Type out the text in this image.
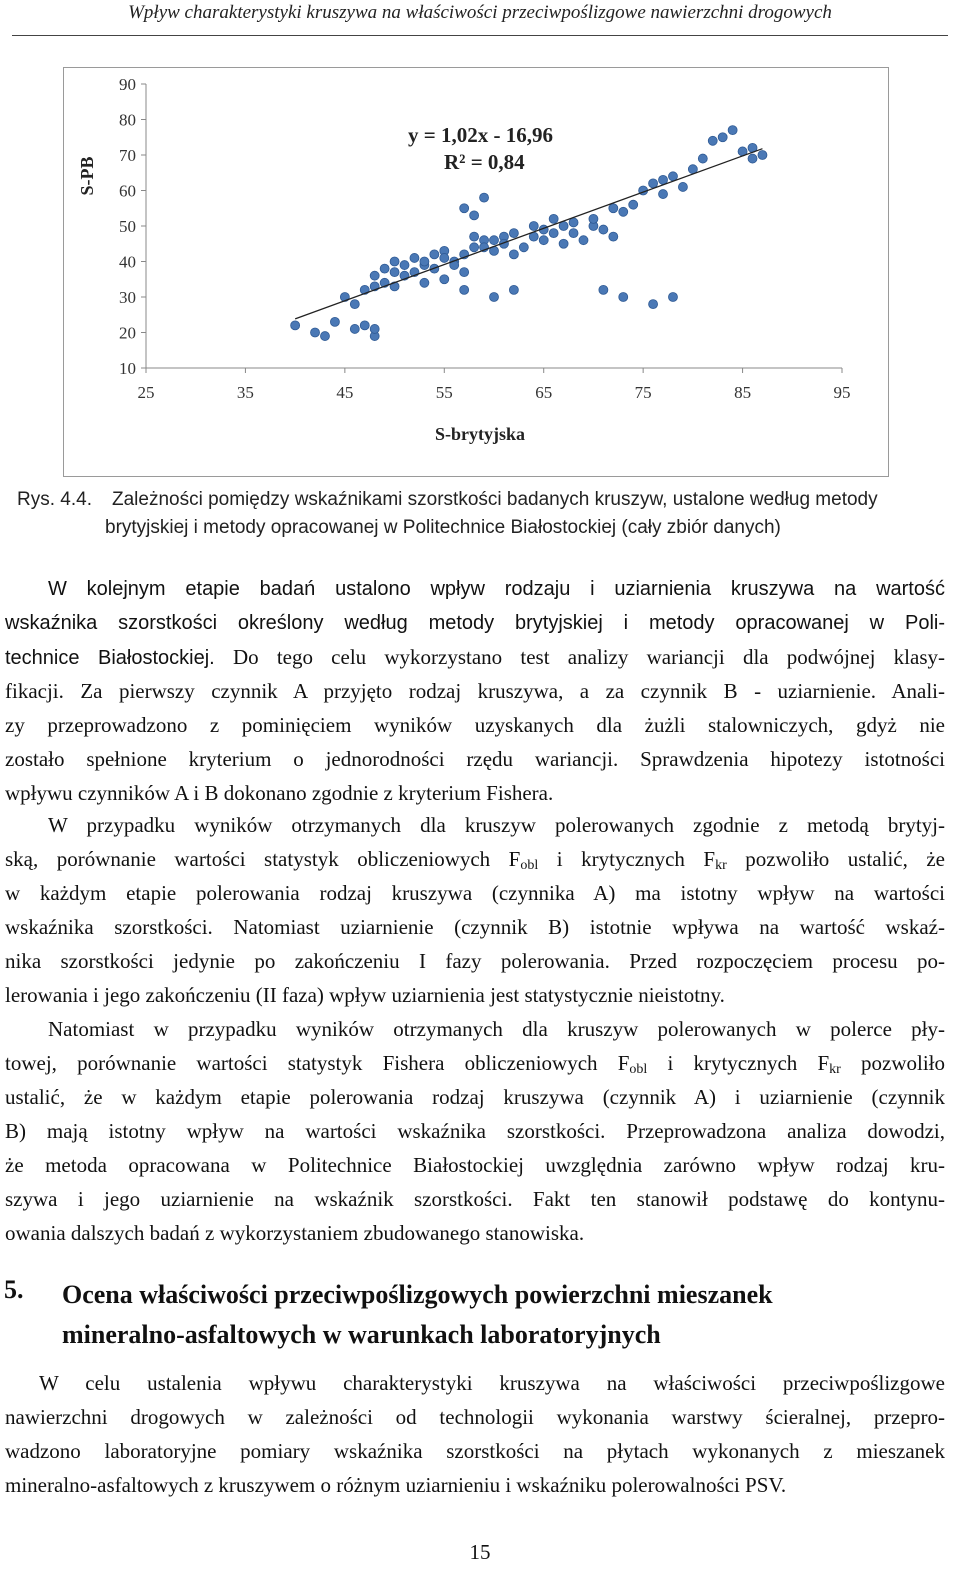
Wpływ charakterystyki kruszywa na właściwości przeciwpoślizgowe nawierzchni drogowych
10
20
30
40
50
60
70
80
90
25	35	45	55	65	75	85	95
y = 1,02x - 16,96
R² = 0,84
S-brytyjska
S-PB
Rys. 4.4. Zależności pomiędzy wskaźnikami szorstkości badanych kruszyw, ustalone według metody
brytyjskiej i metody opracowanej w Politechnice Białostockiej (cały zbiór danych)
W kolejnym etapie badań ustalono wpływ rodzaju i uziarnienia kruszywa na wartość
wskaźnika szorstkości określony według metody brytyjskiej i metody opracowanej w Poli-
technice Białostockiej. Do tego celu wykorzystano test analizy wariancji dla podwójnej klasy-
fikacji. Za pierwszy czynnik A przyjęto rodzaj kruszywa, a za czynnik B - uziarnienie. Anali-
zy przeprowadzono z pominięciem wyników uzyskanych dla żużli stalowniczych, gdyż nie
zostało spełnione kryterium o jednorodności rzędu wariancji. Sprawdzenia hipotezy istotności
wpływu czynników A i B dokonano zgodnie z kryterium Fishera.
W przypadku wyników otrzymanych dla kruszyw polerowanych zgodnie z metodą brytyj-
ską, porównanie wartości statystyk obliczeniowych $F_{obl}$ i krytycznych $F_{kr}$ pozwoliło ustalić, że
w każdym etapie polerowania rodzaj kruszywa (czynnika A) ma istotny wpływ na wartości
wskaźnika szorstkości. Natomiast uziarnienie (czynnik B) istotnie wpływa na wartość wskaź-
nika szorstkości jedynie po zakończeniu I fazy polerowania. Przed rozpoczęciem procesu po-
lerowania i jego zakończeniu (II faza) wpływ uziarnienia jest statystycznie nieistotny.
Natomiast w przypadku wyników otrzymanych dla kruszyw polerowanych w polerce pły-
towej, porównanie wartości statystyk Fishera obliczeniowych $F_{obl}$ i krytycznych $F_{kr}$ pozwoliło
ustalić, że w każdym etapie polerowania rodzaj kruszywa (czynnik A) i uziarnienie (czynnik
B) mają istotny wpływ na wartości wskaźnika szorstkości. Przeprowadzona analiza dowodzi,
że metoda opracowana w Politechnice Białostockiej uwzględnia zarówno wpływ rodzaj kru-
szywa i jego uziarnienie na wskaźnik szorstkości. Fakt ten stanowił podstawę do kontynu-
owania dalszych badań z wykorzystaniem zbudowanego stanowiska.
5. Ocena właściwości przeciwpoślizgowych powierzchni mieszanek
mineralno-asfaltowych w warunkach laboratoryjnych
W celu ustalenia wpływu charakterystyki kruszywa na właściwości przeciwpoślizgowe
nawierzchni drogowych w zależności od technologii wykonania warstwy ścieralnej, przepro-
wadzono laboratoryjne pomiary wskaźnika szorstkości na płytach wykonanych z mieszanek
mineralno-asfaltowych z kruszywem o różnym uziarnieniu i wskaźniku polerowalności PSV.
15
